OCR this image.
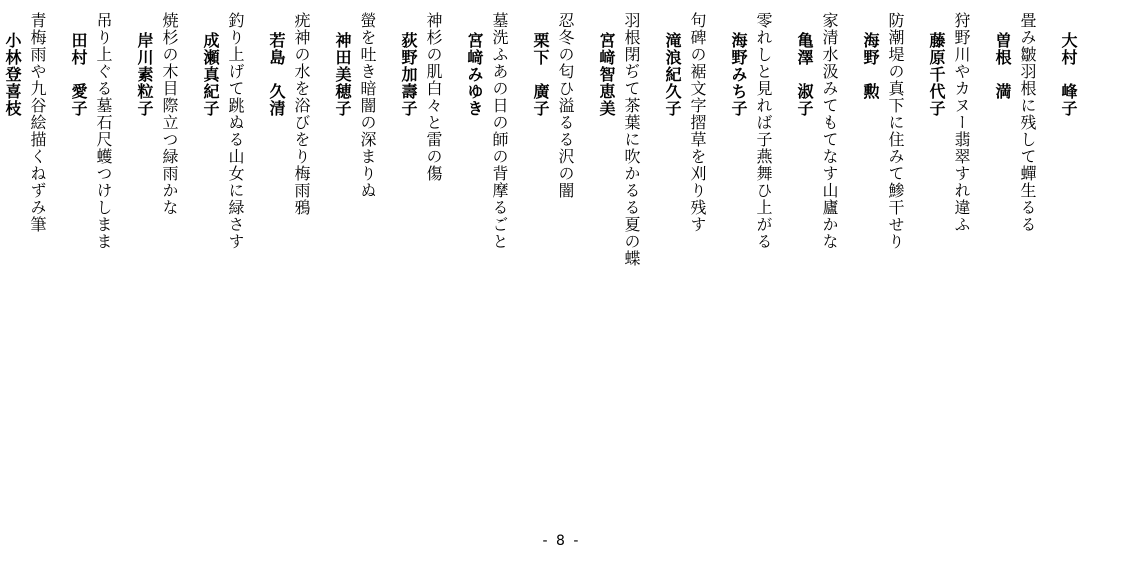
大村　峰子
畳み皺羽根に残して蟬生るる
曽根　満
狩野川やカヌー翡翠すれ違ふ
藤原千代子
防潮堤の真下に住みて鯵干せり
海野　勲
家清水汲みてもてなす山廬かな
亀澤　淑子
零れしと見れば子燕舞ひ上がる
海野みち子
句碑の裾文字摺草を刈り残す
滝浪紀久子
羽根閉ぢて茶葉に吹かるる夏の蝶
宮﨑智恵美
忍冬の匂ひ溢るる沢の闇
栗下　廣子
墓洗ふあの日の師の背摩るごと
宮﨑みゆき
神杉の肌白々と雷の傷
荻野加壽子
螢を吐き暗闇の深まりぬ
神田美穂子
疣神の水を浴びをり梅雨鴉
若島　久清
釣り上げて跳ぬる山女に緑さす
成瀬真紀子
焼杉の木目際立つ緑雨かな
岸川素粒子
吊り上ぐる墓石尺蠖つけしまま
田村　愛子
青梅雨や九谷絵描くねずみ筆
小林登喜枝
- 8 -
